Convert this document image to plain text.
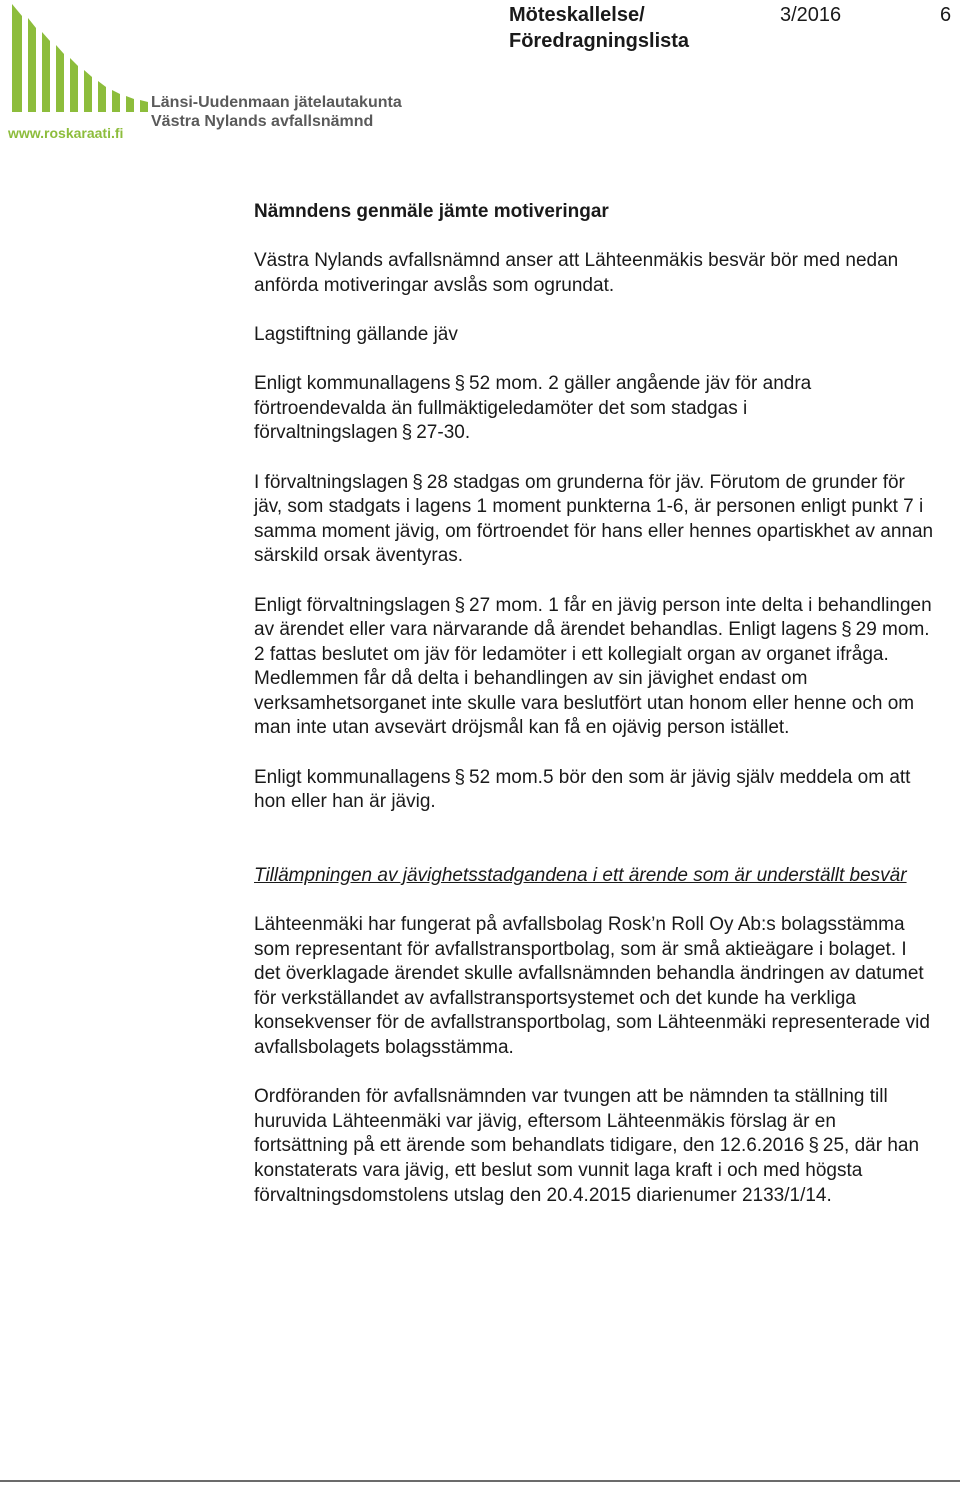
Länsi-Uudenmaan jätelautakunta
Västra Nylands avfallsnämnd
www.roskaraati.fi
Möteskallelse/
Föredragningslista
3/2016	6

Nämndens genmäle jämte motiveringar

Västra Nylands avfallsnämnd anser att Lähteenmäkis besvär bör med nedan anförda motiveringar avslås som ogrundat.

Lagstiftning gällande jäv

Enligt kommunallagens § 52 mom. 2 gäller angående jäv för andra förtroendevalda än fullmäktigeledamöter det som stadgas i förvaltningslagen § 27-30.

I förvaltningslagen § 28 stadgas om grunderna för jäv. Förutom de grunder för jäv, som stadgats i lagens 1 moment punkterna 1-6, är personen enligt punkt 7 i samma moment jävig, om förtroendet för hans eller hennes opartiskhet av annan särskild orsak äventyras.

Enligt förvaltningslagen § 27 mom. 1 får en jävig person inte delta i behandlingen av ärendet eller vara närvarande då ärendet behandlas. Enligt lagens § 29 mom. 2 fattas beslutet om jäv för ledamöter i ett kollegialt organ av organet ifråga. Medlemmen får då delta i behandlingen av sin jävighet endast om verksamhetsorganet inte skulle vara beslutfört utan honom eller henne och om man inte utan avsevärt dröjsmål kan få en ojävig person istället.

Enligt kommunallagens § 52 mom.5 bör den som är jävig själv meddela om att hon eller han är jävig.

Tillämpningen av jävighetsstadgandena i ett ärende som är underställt besvär

Lähteenmäki har fungerat på avfallsbolag Rosk’n Roll Oy Ab:s bolagsstämma som representant för avfallstransportbolag, som är små aktieägare i bolaget. I det överklagade ärendet skulle avfallsnämnden behandla ändringen av datumet för verkställandet av avfallstransportsystemet och det kunde ha verkliga konsekvenser för de avfallstransportbolag, som Lähteenmäki representerade vid avfallsbolagets bolagsstämma.

Ordföranden för avfallsnämnden var tvungen att be nämnden ta ställning till huruvida Lähteenmäki var jävig, eftersom Lähteenmäkis förslag är en fortsättning på ett ärende som behandlats tidigare, den 12.6.2016 § 25, där han konstaterats vara jävig, ett beslut som vunnit laga kraft i och med högsta förvaltningsdomstolens utslag den 20.4.2015 diarienumer 2133/1/14.
